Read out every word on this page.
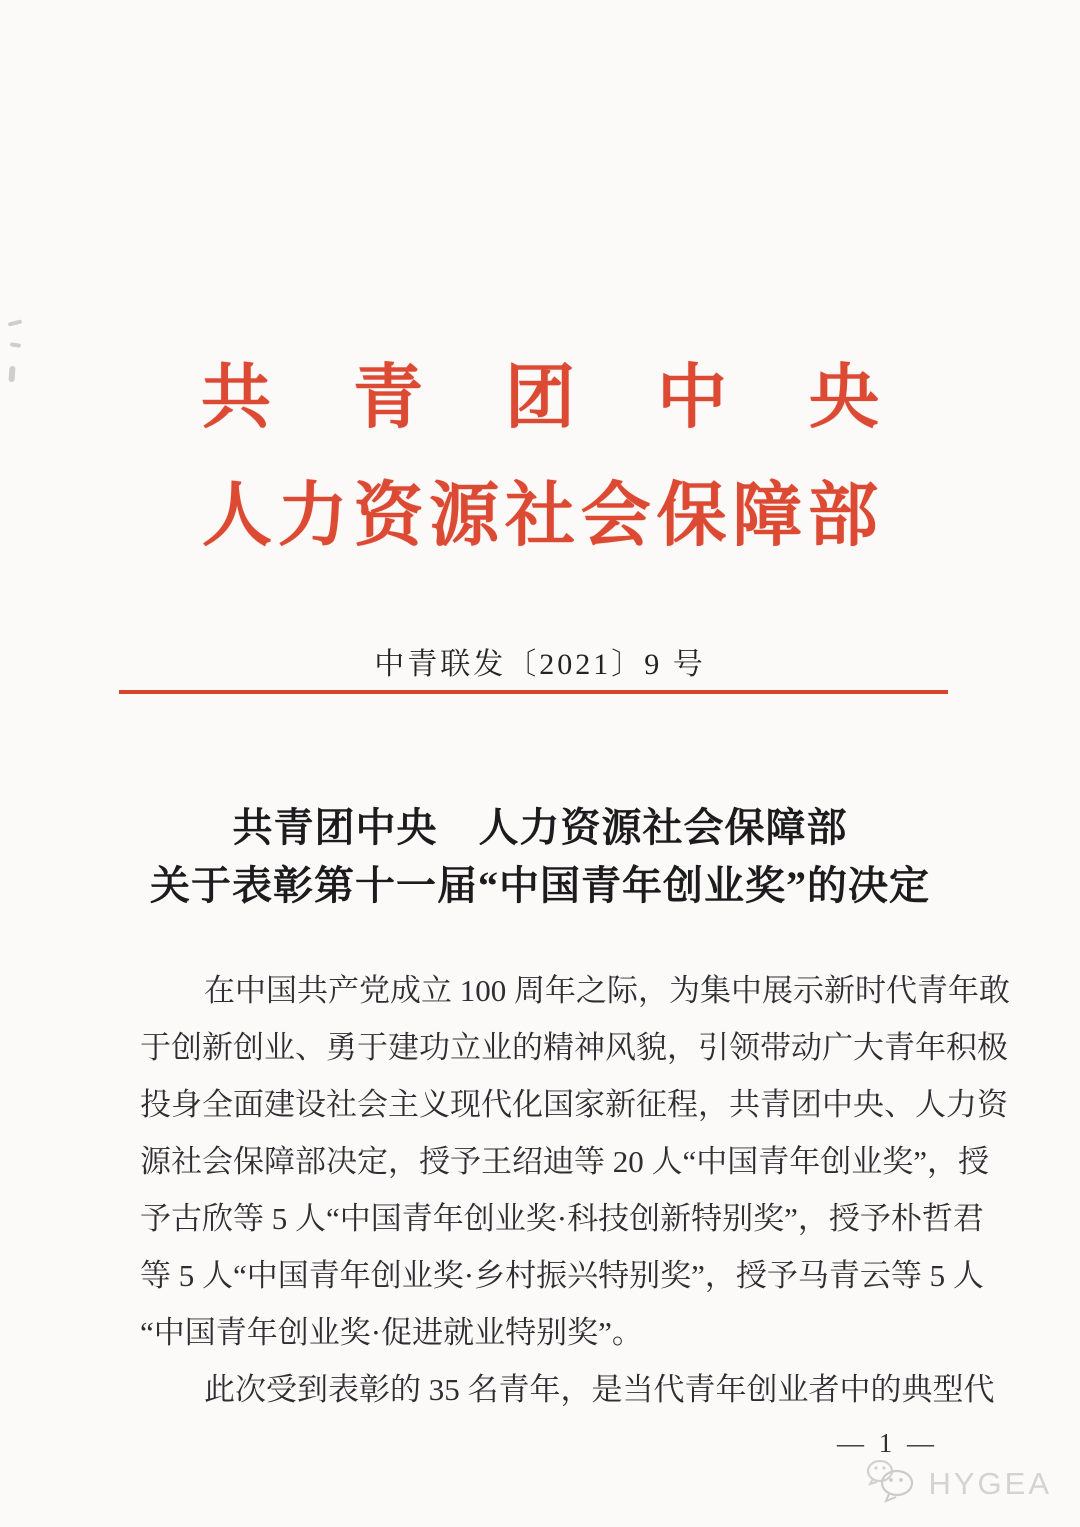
共青团中央
人力资源社会保障部
中青联发〔2021〕9 号
共青团中央　人力资源社会保障部
关于表彰第十一届“中国青年创业奖”的决定
在中国共产党成立 100 周年之际，为集中展示新时代青年敢
于创新创业、勇于建功立业的精神风貌，引领带动广大青年积极
投身全面建设社会主义现代化国家新征程，共青团中央、人力资
源社会保障部决定，授予王绍迪等 20 人“中国青年创业奖”，授
予古欣等 5 人“中国青年创业奖·科技创新特别奖”，授予朴哲君
等 5 人“中国青年创业奖·乡村振兴特别奖”，授予马青云等 5 人
“中国青年创业奖·促进就业特别奖”。
此次受到表彰的 35 名青年，是当代青年创业者中的典型代
— 1 —
HYGEA
